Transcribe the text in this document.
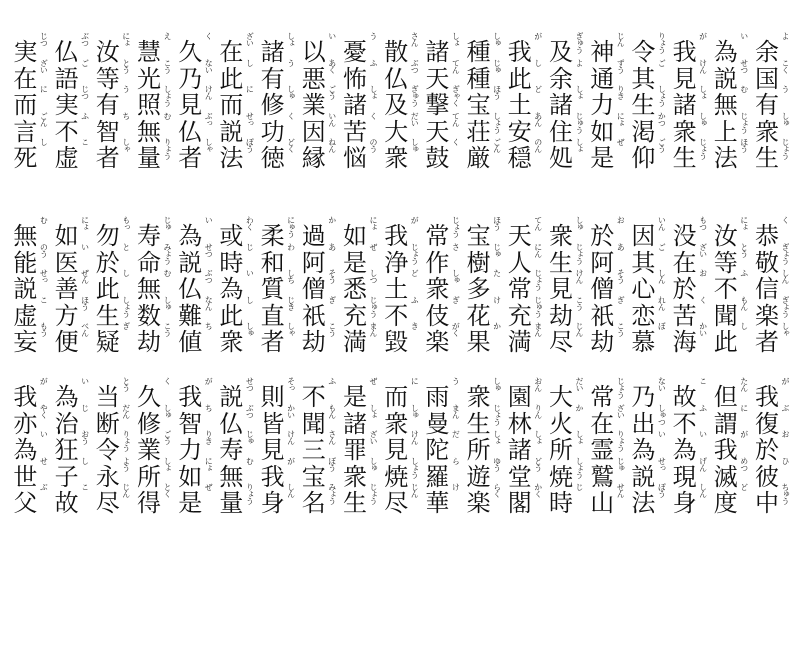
余
よ
国 こく
有
う
衆 しゅ
生 じょう
為
い
説 せつ
無
む
上 じょう
法 ほう
我
が
見 けん
諸 しょ
衆 しゅ
生 じょう
令 りょう
其
ご
生 しょう
渇 かつ
仰 ごう
神 じん
通 ずう
力 りき
如 にょ
是
ぜ
及 ぎゅう
余
よ
諸 しょ
住 じゅう
処 しょ
我
が
此
し
土
ど
安 あん
穏 のん
種 しゅ
種 じゅ
宝 ほう
荘 しょう
厳 ごん
諸 しょ
天 てん
撃 ぎゃく
天 てん
鼓
く
散 さん
仏 ぶつ
及 ぎゅう
大 だい
衆 しゅ
憂
う
怖
ふ
諸 しょ
苦
く
悩 のう
以
い
悪 あく
業 ごう
因 いん
縁 ねん
諸 しょ
有
う
修 しゅ
功
く
徳 どく
在 ざい
此
し
而
に
説 せっ
法 ぽう
久
く
乃 ない
見 けん
仏 ぶっ
者 しゃ
慧
え
光 こう
照 しょう
無
む
量 りょう
汝 にょ
等 とう
有
う
智
ち
者 しゃ
仏 ぶつ
語
ご
実 じつ
不
ふ
虚
こ
実 じつ
在 ざい
而
に
言 ごん
死
し
恭
く
敬 ぎょう
信 しん
楽 ぎょう
者 しゃ
汝 にょ
等 とう
不
ふ
聞 もん
此
し
没 もつ
在 ざい
於
お
苦
く
海 かい
因 いん
其
ご
心 しん
恋 れん
慕
ぼ
於
お
阿
あ
僧 そう
祇
ぎ
劫 こう
衆 しゅ
生 じょう
見 けん
劫 こう
尽 じん
天 てん
人 にん
常 じょう
充 じゅう
満 まん
宝 ほう
樹 じゅ
多
た
花
け
果
か
常 じょう
作
さ
衆 しゅ
伎
ぎ
楽 がく
我
が
浄 じょう
土
ど
不
ふ
毀
き
如 にょ
是
ぜ
悉 しつ
充 じゅう
満 まん
過
か
阿
あ
僧 そう
祇
ぎ
劫 こう
柔 にゅう
和
わ
質 しち
直 じき
者 しゃ
或 わく
時
じ
為
い
此
し
衆 しゅ
為
い
説 せつ
仏 ぶつ
難 なん
値
ち
寿 じゅ
命 みょう
無
む
数 しゅ
劫 こう
勿 もっ
於
と
此
し
生 しょう
疑
ぎ
如 にょ
医
い
善 ぜん
方 ほう
便 べん
無
む
能 のう
説 せっ
虚
こ
妄 もう
我
が
復
ぶ
於
お
彼
ひ
中 ちゅう
但 たん
謂
に
我
が
滅 めつ
度
ど
故
こ
不
ふ
為
い
現 げん
身 しん
乃 ない
出 しゅつ
為
い
説 せっ
法 ぽう
常 じょう
在 ざい
霊 りょう
鷲 じゅ
山 せん
大 だい
火
か
所 しょ
焼 しょう
時
じ
園 おん
林 りん
諸 しょ
堂 どう
閣 かく
衆 しゅ
生 じょう
所 しょ
遊 ゆう
楽 らく
雨
う
曼 まん
陀
だ
羅
ら
華
け
而
に
衆 しゅ
見 けん
焼 しょう
尽 じん
是
ぜ
諸 しょ
罪 ざい
衆 しゅ
生 じょう
不
ふ
聞 もん
三 さん
宝 ぼう
名 みょう
則 そっ
皆 かい
見 けん
我
が
身 しん
説 せつ
仏 ぶつ
寿 じゅ
無
む
量 りょう
我
が
智
ち
力 りき
如 にょ
是
ぜ
久
く
修 しゅ
業 ごう
所 しょ
得 とく
当 とう
断 だん
令 りょう
永 よう
尽 じん
為
い
治
じ
狂 おう
子
し
故
こ
我
が
亦 やく
為
い
世
せ
父
ぶ
